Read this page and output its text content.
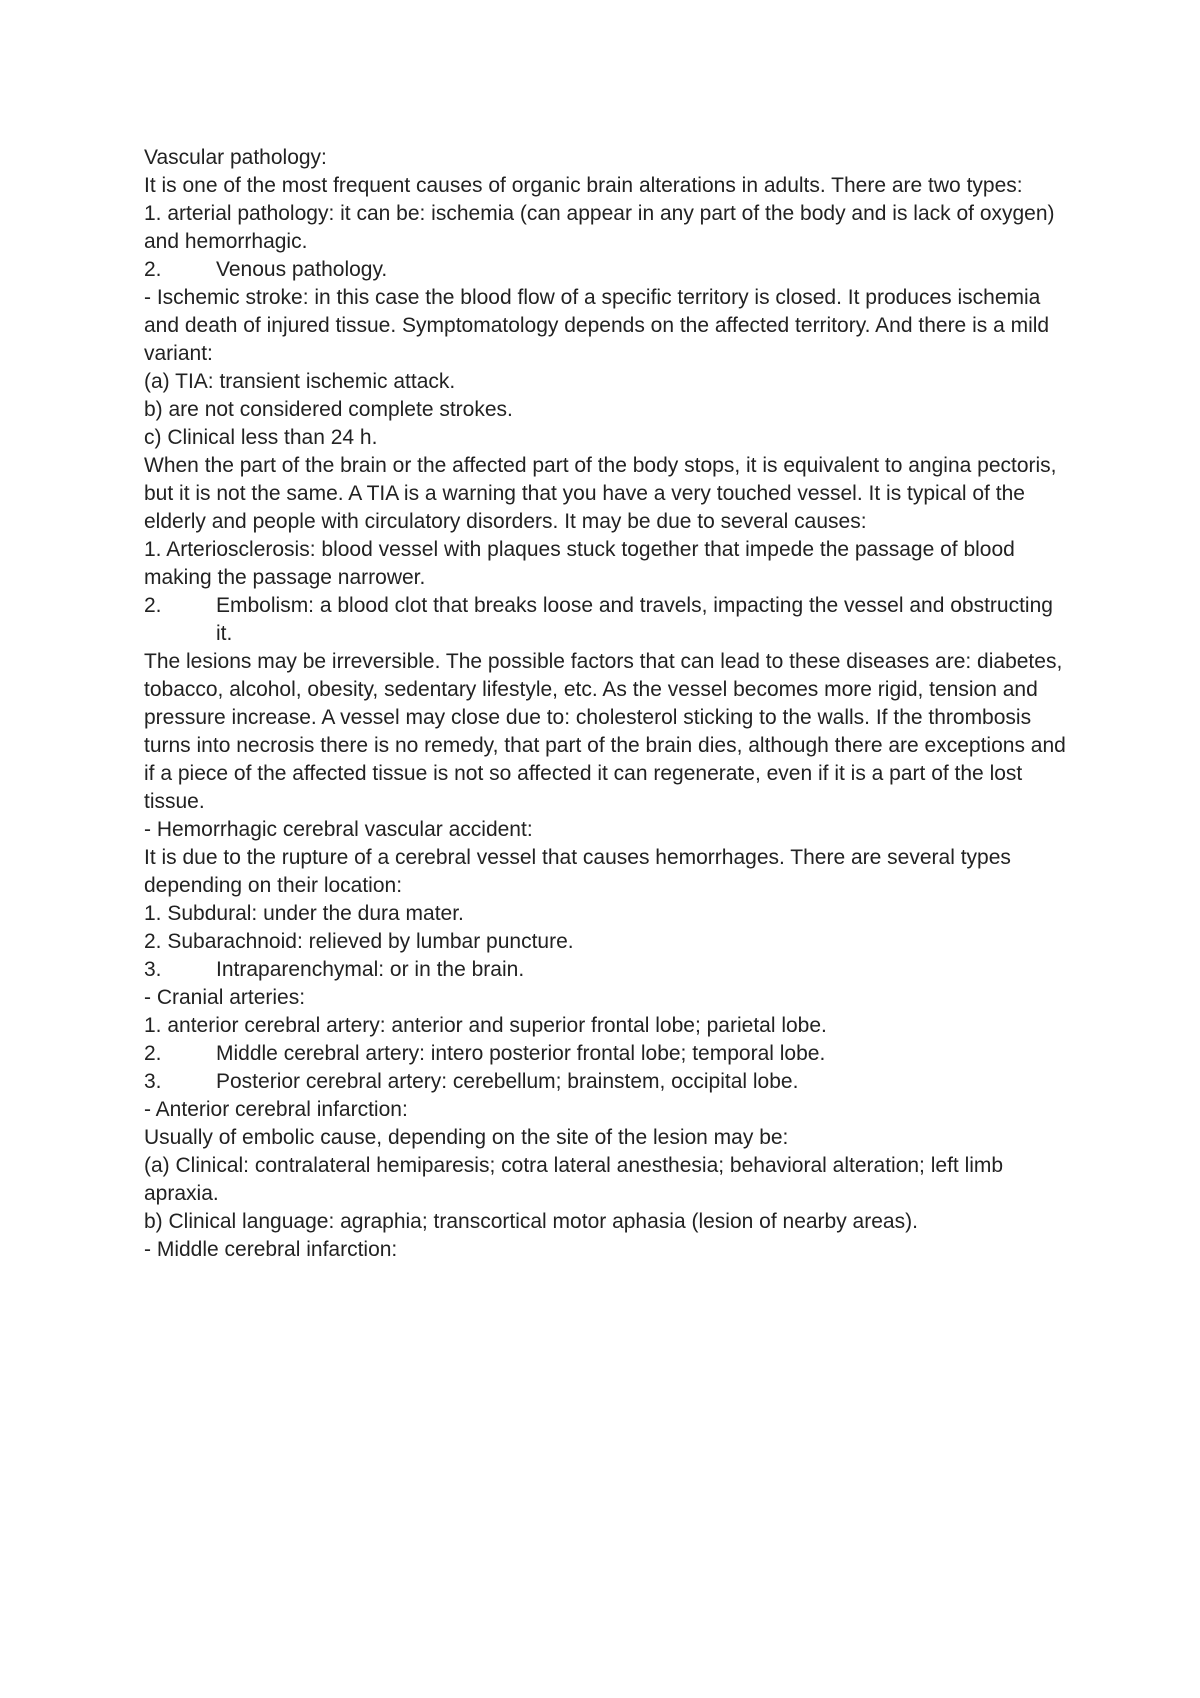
Vascular pathology:

It is one of the most frequent causes of organic brain alterations in adults. There are two types:

1. arterial pathology: it can be: ischemia (can appear in any part of the body and is lack of oxygen) and hemorrhagic.

2.	Venous pathology.

- Ischemic stroke: in this case the blood flow of a specific territory is closed. It produces ischemia and death of injured tissue. Symptomatology depends on the affected territory. And there is a mild variant:

(a) TIA: transient ischemic attack.

b) are not considered complete strokes.

c) Clinical less than 24 h.

When the part of the brain or the affected part of the body stops, it is equivalent to angina pectoris, but it is not the same. A TIA is a warning that you have a very touched vessel. It is typical of the elderly and people with circulatory disorders. It may be due to several causes:

1. Arteriosclerosis: blood vessel with plaques stuck together that impede the passage of blood making the passage narrower.

2.	Embolism: a blood clot that breaks loose and travels, impacting the vessel and obstructing it.

The lesions may be irreversible. The possible factors that can lead to these diseases are: diabetes, tobacco, alcohol, obesity, sedentary lifestyle, etc. As the vessel becomes more rigid, tension and pressure increase. A vessel may close due to: cholesterol sticking to the walls. If the thrombosis turns into necrosis there is no remedy, that part of the brain dies, although there are exceptions and if a piece of the affected tissue is not so affected it can regenerate, even if it is a part of the lost tissue.

- Hemorrhagic cerebral vascular accident:

It is due to the rupture of a cerebral vessel that causes hemorrhages. There are several types depending on their location:

1. Subdural: under the dura mater.

2. Subarachnoid: relieved by lumbar puncture.

3.	Intraparenchymal: or in the brain.

- Cranial arteries:

1. anterior cerebral artery: anterior and superior frontal lobe; parietal lobe.

2.	Middle cerebral artery: intero posterior frontal lobe; temporal lobe.
3.	Posterior cerebral artery: cerebellum; brainstem, occipital lobe.

- Anterior cerebral infarction:

Usually of embolic cause, depending on the site of the lesion may be:

(a) Clinical: contralateral hemiparesis; cotra lateral anesthesia; behavioral alteration; left limb apraxia.

b) Clinical language: agraphia; transcortical motor aphasia (lesion of nearby areas).

- Middle cerebral infarction:
